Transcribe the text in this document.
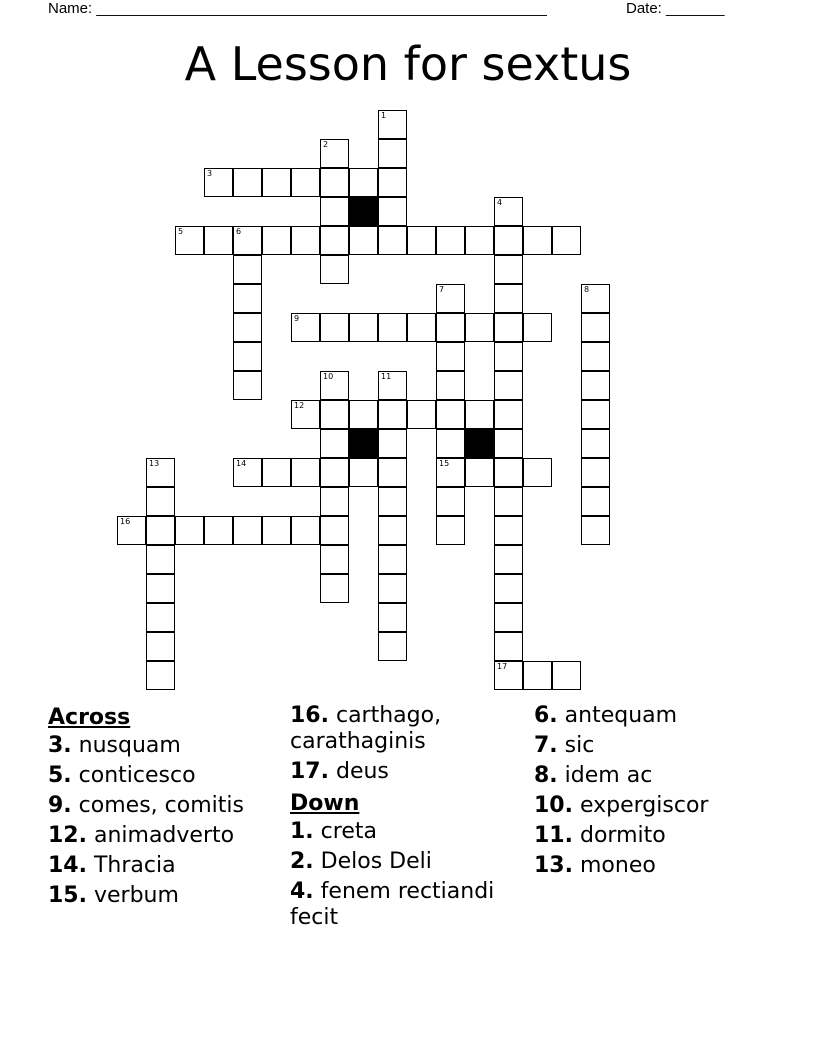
Name: ______________________________________________________	Date: _______
A Lesson for sextus
1
2
3
5	6
4
7
15
8
9
10	11
12
13	14
16
17
Across
3. nusquam
5. conticesco
9. comes, comitis
12. animadverto
14. Thracia
15. verbum
16. carthago, carathaginis
17. deus
Down
1. creta
2. Delos Deli
4. fenem rectiandi fecit
6. antequam
7. sic
8. idem ac
10. expergiscor
11. dormito
13. moneo
